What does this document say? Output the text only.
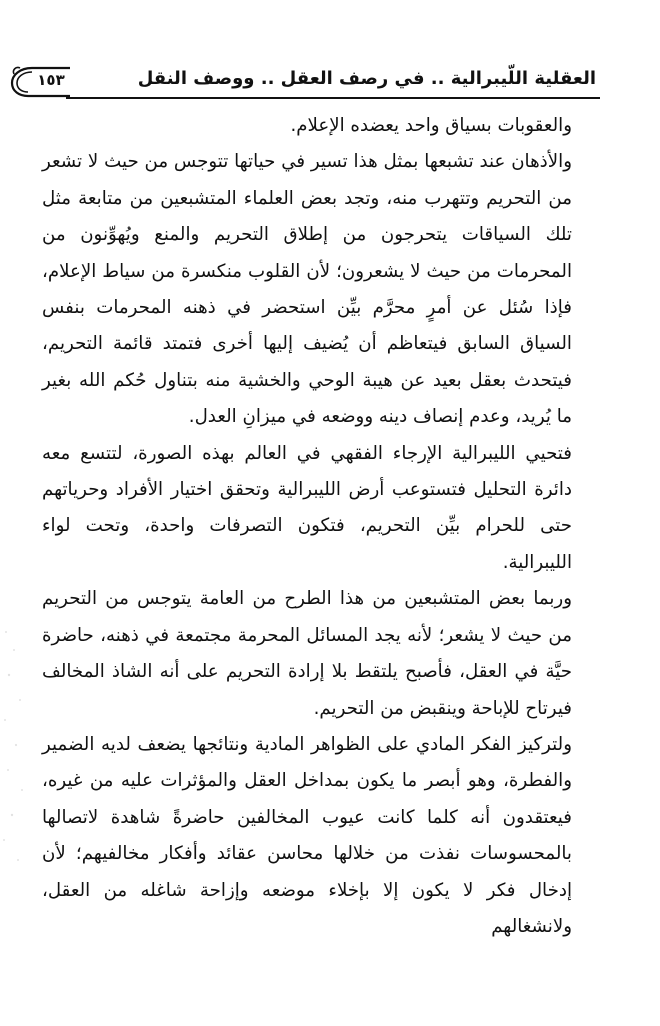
١٥٣	العقلية اللّيبرالية .. في رصف العقل .. ووصف النقل

والعقوبات بسياق واحد يعضده الإعلام.

والأذهان عند تشبعها بمثل هذا تسير في حياتها تتوجس من حيث لا تشعر من التحريم وتتهرب منه، وتجد بعض العلماء المتشبعين من متابعة مثل تلك السياقات يتحرجون من إطلاق التحريم والمنع ويُهوِّنون من المحرمات من حيث لا يشعرون؛ لأن القلوب منكسرة من سياط الإعلام، فإذا سُئل عن أمرٍ محرَّم بيِّن استحضر في ذهنه المحرمات بنفس السياق السابق فيتعاظم أن يُضيف إليها أخرى فتمتد قائمة التحريم، فيتحدث بعقل بعيد عن هيبة الوحي والخشية منه بتناول حُكم الله بغير ما يُريد، وعدم إنصاف دينه ووضعه في ميزانِ العدل.

فتحيي الليبرالية الإرجاء الفقهي في العالم بهذه الصورة، لتتسع معه دائرة التحليل فتستوعب أرض الليبرالية وتحقق اختيار الأفراد وحرياتهم حتى للحرام بيِّن التحريم، فتكون التصرفات واحدة، وتحت لواء الليبرالية.

وربما بعض المتشبعين من هذا الطرح من العامة يتوجس من التحريم من حيث لا يشعر؛ لأنه يجد المسائل المحرمة مجتمعة في ذهنه، حاضرة حيَّة في العقل، فأصبح يلتقط بلا إرادة التحريم على أنه الشاذ المخالف فيرتاح للإباحة وينقبض من التحريم.

ولتركيز الفكر المادي على الظواهر المادية ونتائجها يضعف لديه الضمير والفطرة، وهو أبصر ما يكون بمداخل العقل والمؤثرات عليه من غيره، فيعتقدون أنه كلما كانت عيوب المخالفين حاضرةً شاهدة لاتصالها بالمحسوسات نفذت من خلالها محاسن عقائد وأفكار مخالفيهم؛ لأن إدخال فكر لا يكون إلا بإخلاء موضعه وإزاحة شاغله من العقل، ولانشغالهم
